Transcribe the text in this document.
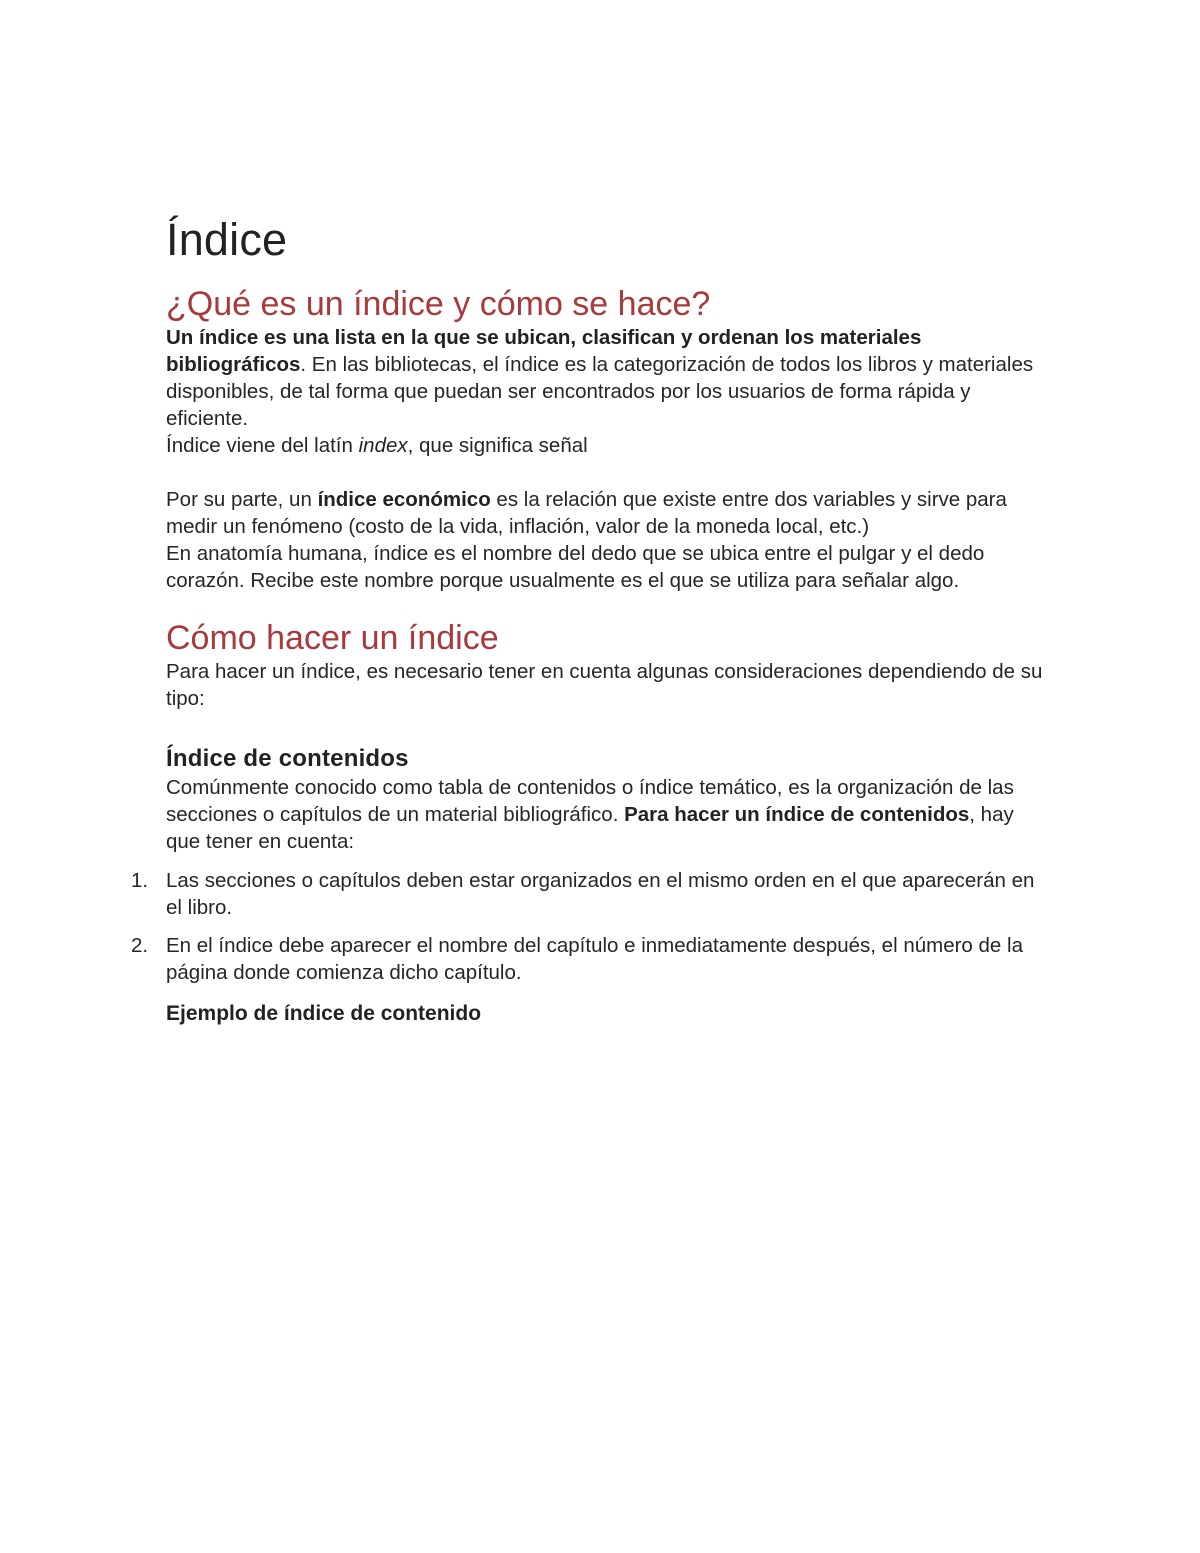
Índice
¿Qué es un índice y cómo se hace?

Un índice es una lista en la que se ubican, clasifican y ordenan los materiales bibliográficos. En las bibliotecas, el índice es la categorización de todos los libros y materiales disponibles, de tal forma que puedan ser encontrados por los usuarios de forma rápida y eficiente.

Índice viene del latín index, que significa señal

Por su parte, un índice económico es la relación que existe entre dos variables y sirve para medir un fenómeno (costo de la vida, inflación, valor de la moneda local, etc.)

En anatomía humana, índice es el nombre del dedo que se ubica entre el pulgar y el dedo corazón. Recibe este nombre porque usualmente es el que se utiliza para señalar algo.

Cómo hacer un índice

Para hacer un índice, es necesario tener en cuenta algunas consideraciones dependiendo de su tipo:

Índice de contenidos

Comúnmente conocido como tabla de contenidos o índice temático, es la organización de las secciones o capítulos de un material bibliográfico. Para hacer un índice de contenidos, hay que tener en cuenta:

1. Las secciones o capítulos deben estar organizados en el mismo orden en el que aparecerán en el libro.
2. En el índice debe aparecer el nombre del capítulo e inmediatamente después, el número de la página donde comienza dicho capítulo.
Ejemplo de índice de contenido
